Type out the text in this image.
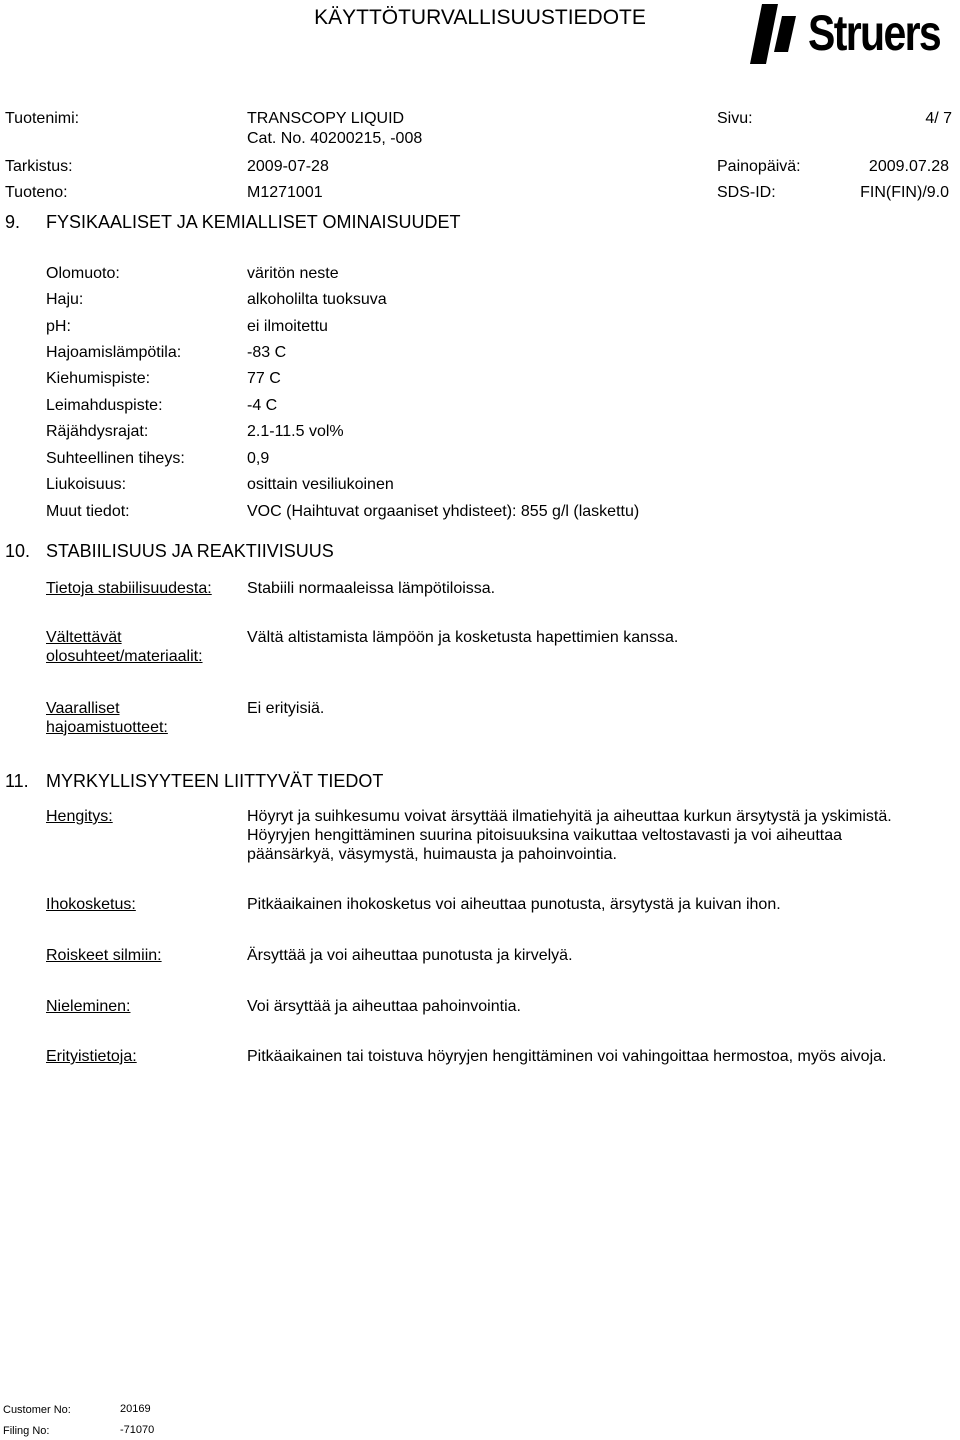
KÄYTTÖTURVALLISUUSTIEDOTE	Struers
Tuotenimi:	TRANSCOPY LIQUID
Cat. No. 40200215, -008
Sivu:	4/ 7
Tarkistus:	2009-07-28	Painopäivä:	2009.07.28
Tuoteno:	M1271001	SDS-ID:	FIN(FIN)/9.0
9. FYSIKAALISET JA KEMIALLISET OMINAISUUDET
Olomuoto:	väritön neste
Haju:	alkoholilta tuoksuva
pH:	ei ilmoitettu
Hajoamislämpötila:	-83 C
Kiehumispiste:	77 C
Leimahduspiste:	-4 C
Räjähdysrajat:	2.1-11.5 vol%
Suhteellinen tiheys:	0,9
Liukoisuus:	osittain vesiliukoinen
Muut tiedot:	VOC (Haihtuvat orgaaniset yhdisteet): 855 g/l (laskettu)
10. STABIILISUUS JA REAKTIIVISUUS
Tietoja stabiilisuudesta: Stabiili normaaleissa lämpötiloissa.
Vältettävät
olosuhteet/materiaalit:
Vältä altistamista lämpöön ja kosketusta hapettimien kanssa.
Vaaralliset
hajoamistuotteet:
Ei erityisiä.
11. MYRKYLLISYYTEEN LIITTYVÄT TIEDOT
Hengitys:	Höyryt ja suihkesumu voivat ärsyttää ilmatiehyitä ja aiheuttaa kurkun ärsytystä ja yskimistä.
Höyryjen hengittäminen suurina pitoisuuksina vaikuttaa veltostavasti ja voi aiheuttaa
päänsärkyä, väsymystä, huimausta ja pahoinvointia.
Ihokosketus:	Pitkäaikainen ihokosketus voi aiheuttaa punotusta, ärsytystä ja kuivan ihon.
Roiskeet silmiin:	Ärsyttää ja voi aiheuttaa punotusta ja kirvelyä.
Nieleminen:	Voi ärsyttää ja aiheuttaa pahoinvointia.
Erityistietoja:	Pitkäaikainen tai toistuva höyryjen hengittäminen voi vahingoittaa hermostoa, myös aivoja.
Customer No:	20169
Filing No:	-71070
